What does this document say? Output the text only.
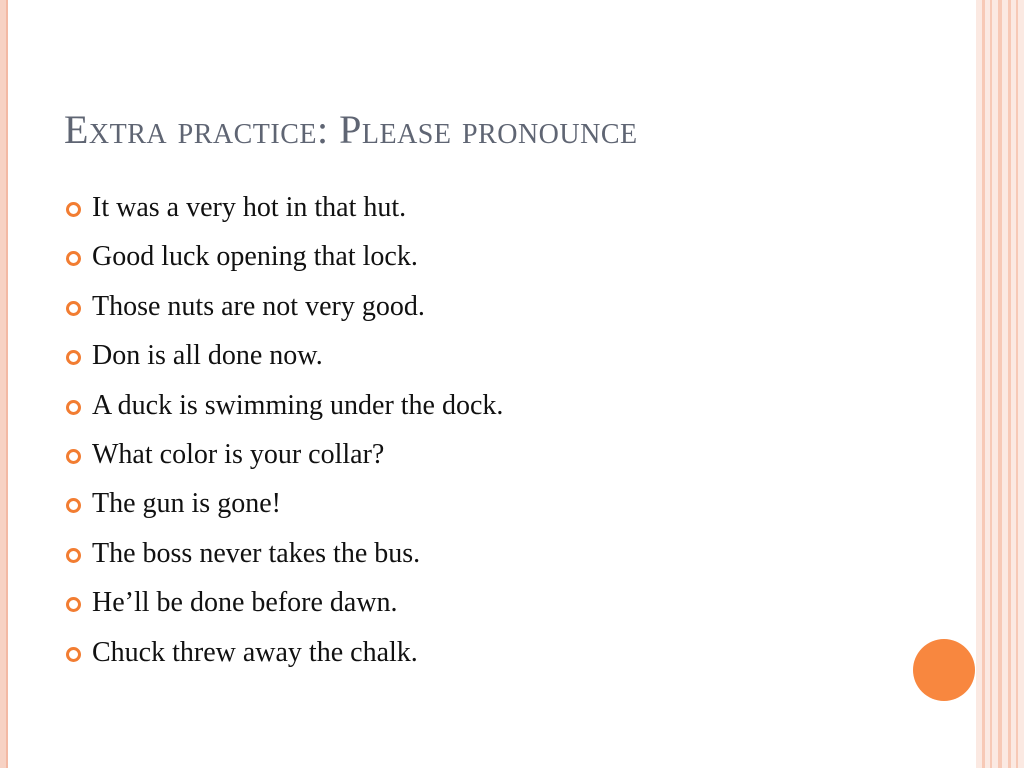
Extra practice: Please pronounce
It was a very hot in that hut.
Good luck opening that lock.
Those nuts are not very good.
Don is all done now.
A duck is swimming under the dock.
What color is your collar?
The gun is gone!
The boss never takes the bus.
He’ll be done before dawn.
Chuck threw away the chalk.
